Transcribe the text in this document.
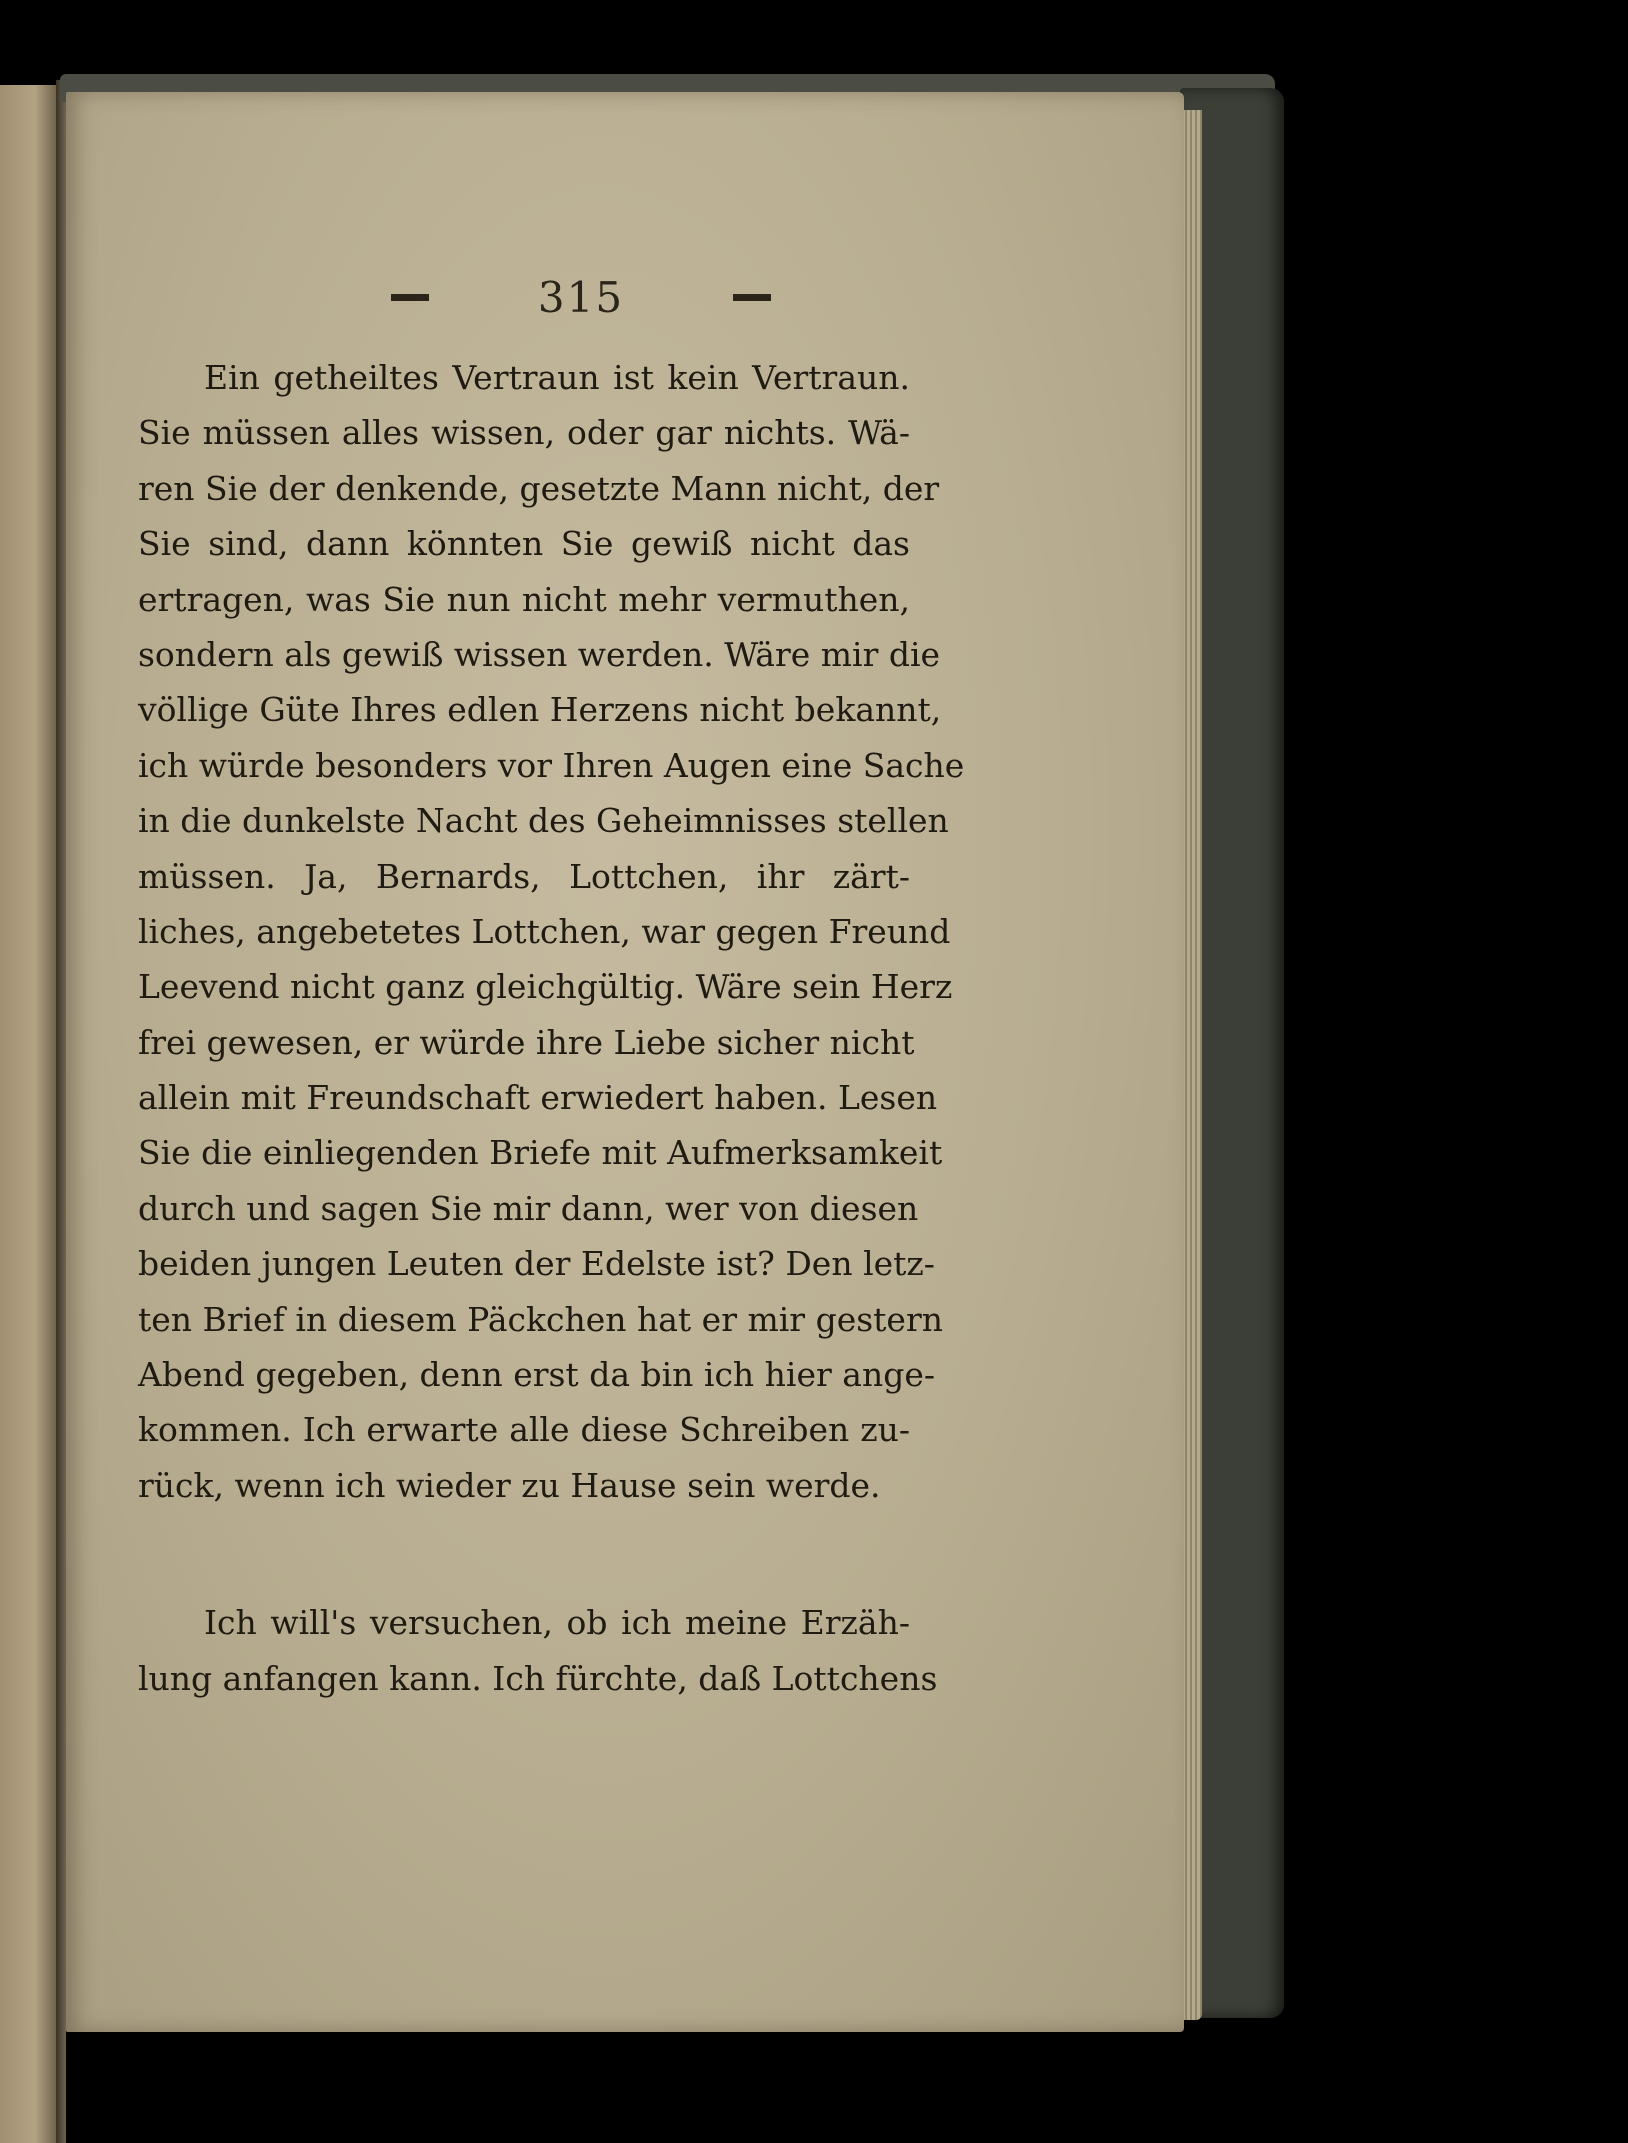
315
Ein getheiltes Vertraun ist kein Vertraun.
Sie müssen alles wissen, oder gar nichts. Wä-
ren Sie der denkende, gesetzte Mann nicht, der
Sie sind, dann könnten Sie gewiß nicht das
ertragen, was Sie nun nicht mehr vermuthen,
sondern als gewiß wissen werden. Wäre mir die
völlige Güte Ihres edlen Herzens nicht bekannt,
ich würde besonders vor Ihren Augen eine Sache
in die dunkelste Nacht des Geheimnisses stellen
müssen. Ja, Bernards, Lottchen, ihr zärt-
liches, angebetetes Lottchen, war gegen Freund
Leevend nicht ganz gleichgültig. Wäre sein Herz
frei gewesen, er würde ihre Liebe sicher nicht
allein mit Freundschaft erwiedert haben. Lesen
Sie die einliegenden Briefe mit Aufmerksamkeit
durch und sagen Sie mir dann, wer von diesen
beiden jungen Leuten der Edelste ist? Den letz-
ten Brief in diesem Päckchen hat er mir gestern
Abend gegeben, denn erst da bin ich hier ange-
kommen. Ich erwarte alle diese Schreiben zu-
rück, wenn ich wieder zu Hause sein werde.
Ich will's versuchen, ob ich meine Erzäh-
lung anfangen kann. Ich fürchte, daß Lottchens
